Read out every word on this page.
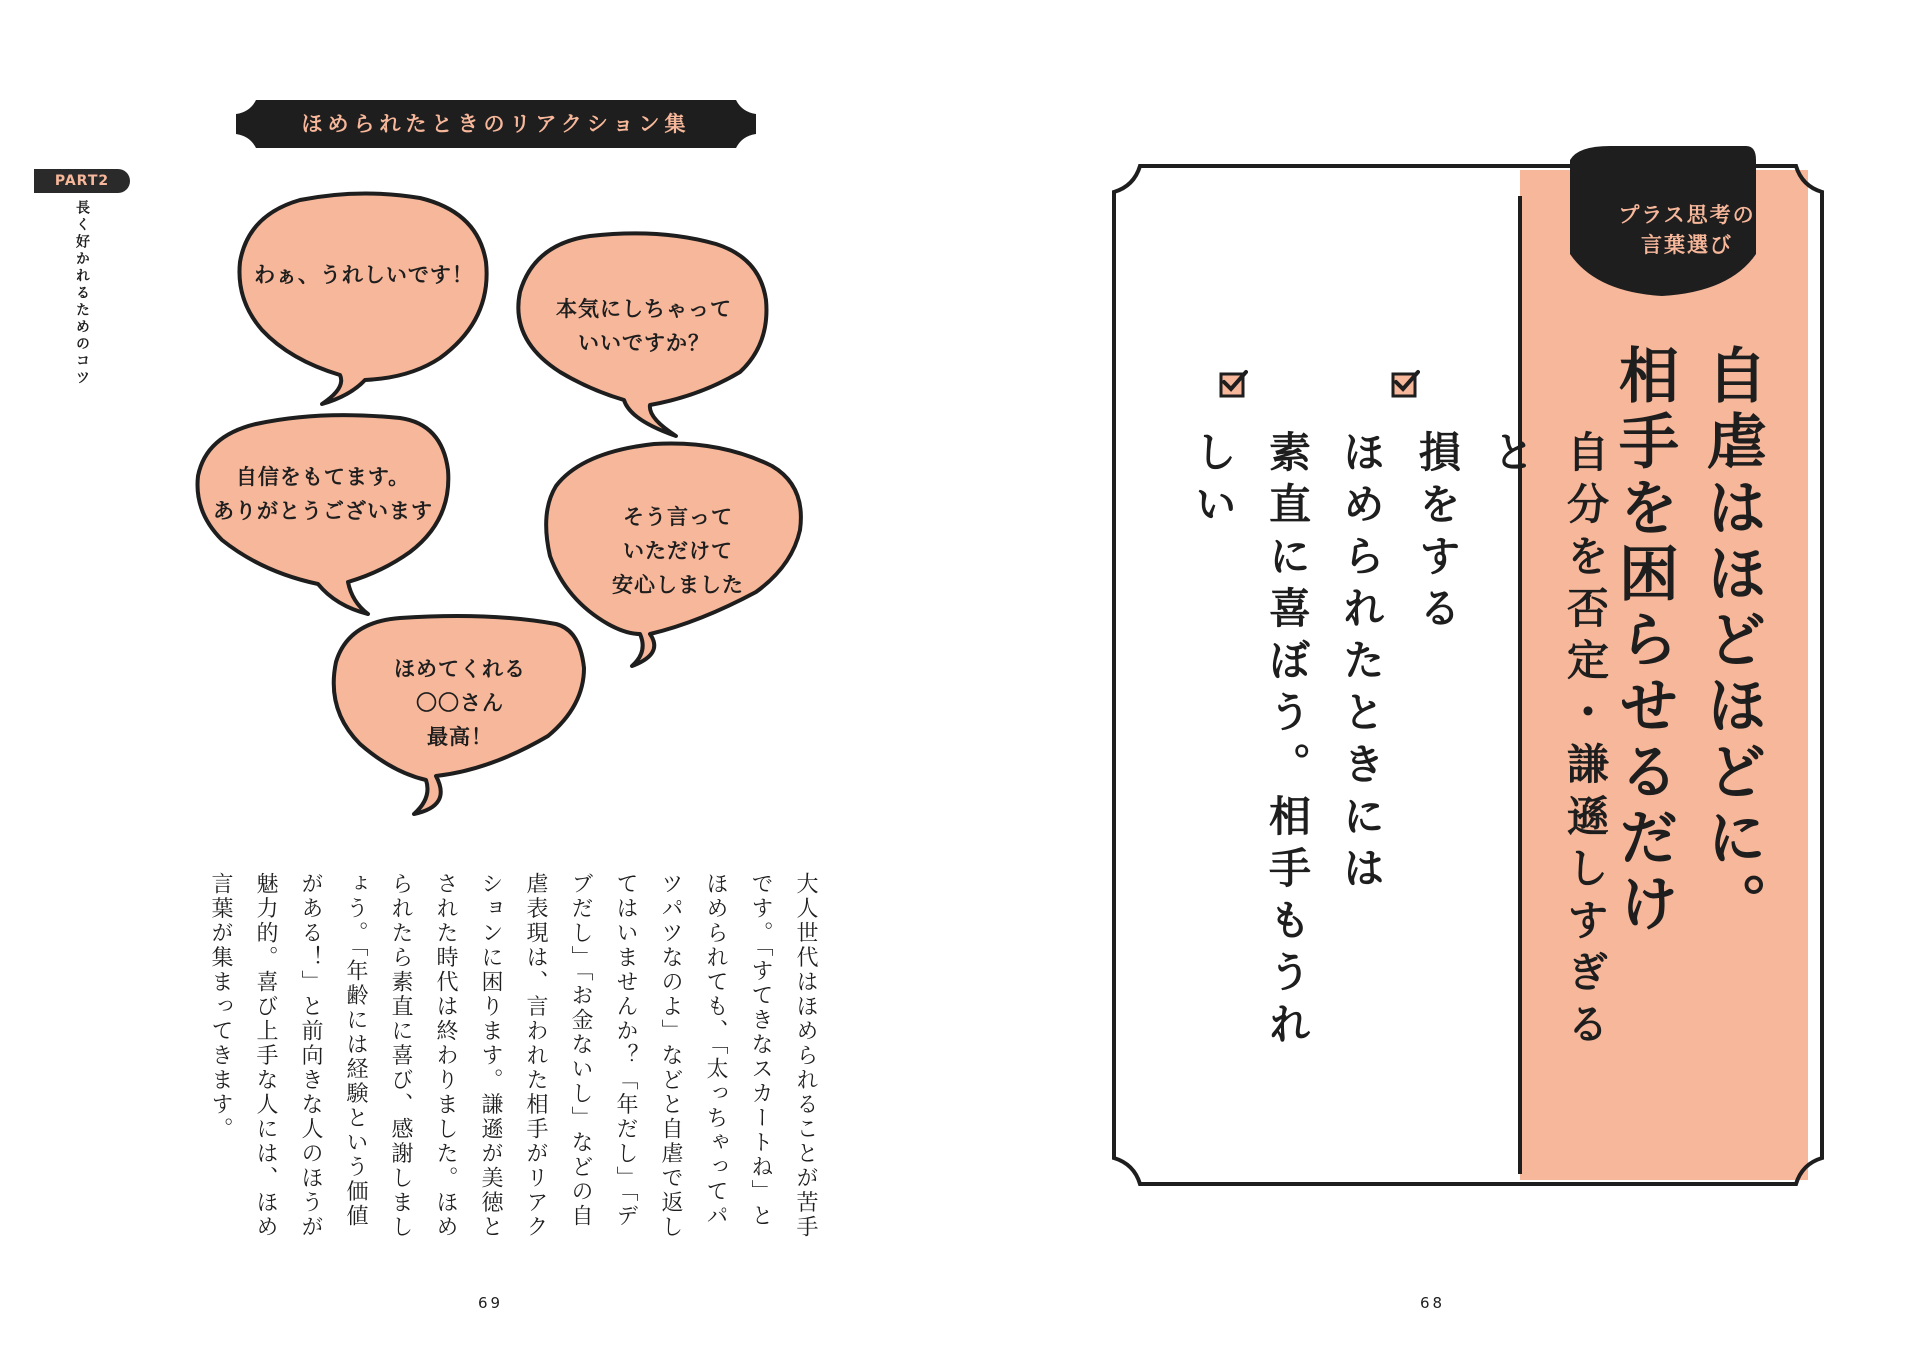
ほめられたときのリアクション集
PART2
長く好かれるためのコツ	わぁ、うれしいです！
本気にしちゃって
いいですか？
自信をもてます。
ありがとうございます	そう言って
いただけて
安心しました
ほめてくれる
〇〇さん
最高！
大人世代はほめられることが苦手です。「すてきなスカートね」とほめられても、「太っちゃってパツパツなのよ」などと自虐で返してはいませんか？「年だし」「デブだし」「お金ないし」などの自虐表現は、言われた相手がリアクションに困ります。謙遜が美徳とされた時代は終わりました。ほめられたら素直に喜び、感謝しましょう。「年齢には経験という価値がある！」と前向きな人のほうが魅力的。喜び上手な人には、ほめ言葉が集まってきます。
69
プラス思考の
言葉選び
自虐はほどほどに。
相手を困らせるだけ
自分を否定・謙遜しすぎると
損をする
ほめられたときには
素直に喜ぼう。相手もうれしい
68
